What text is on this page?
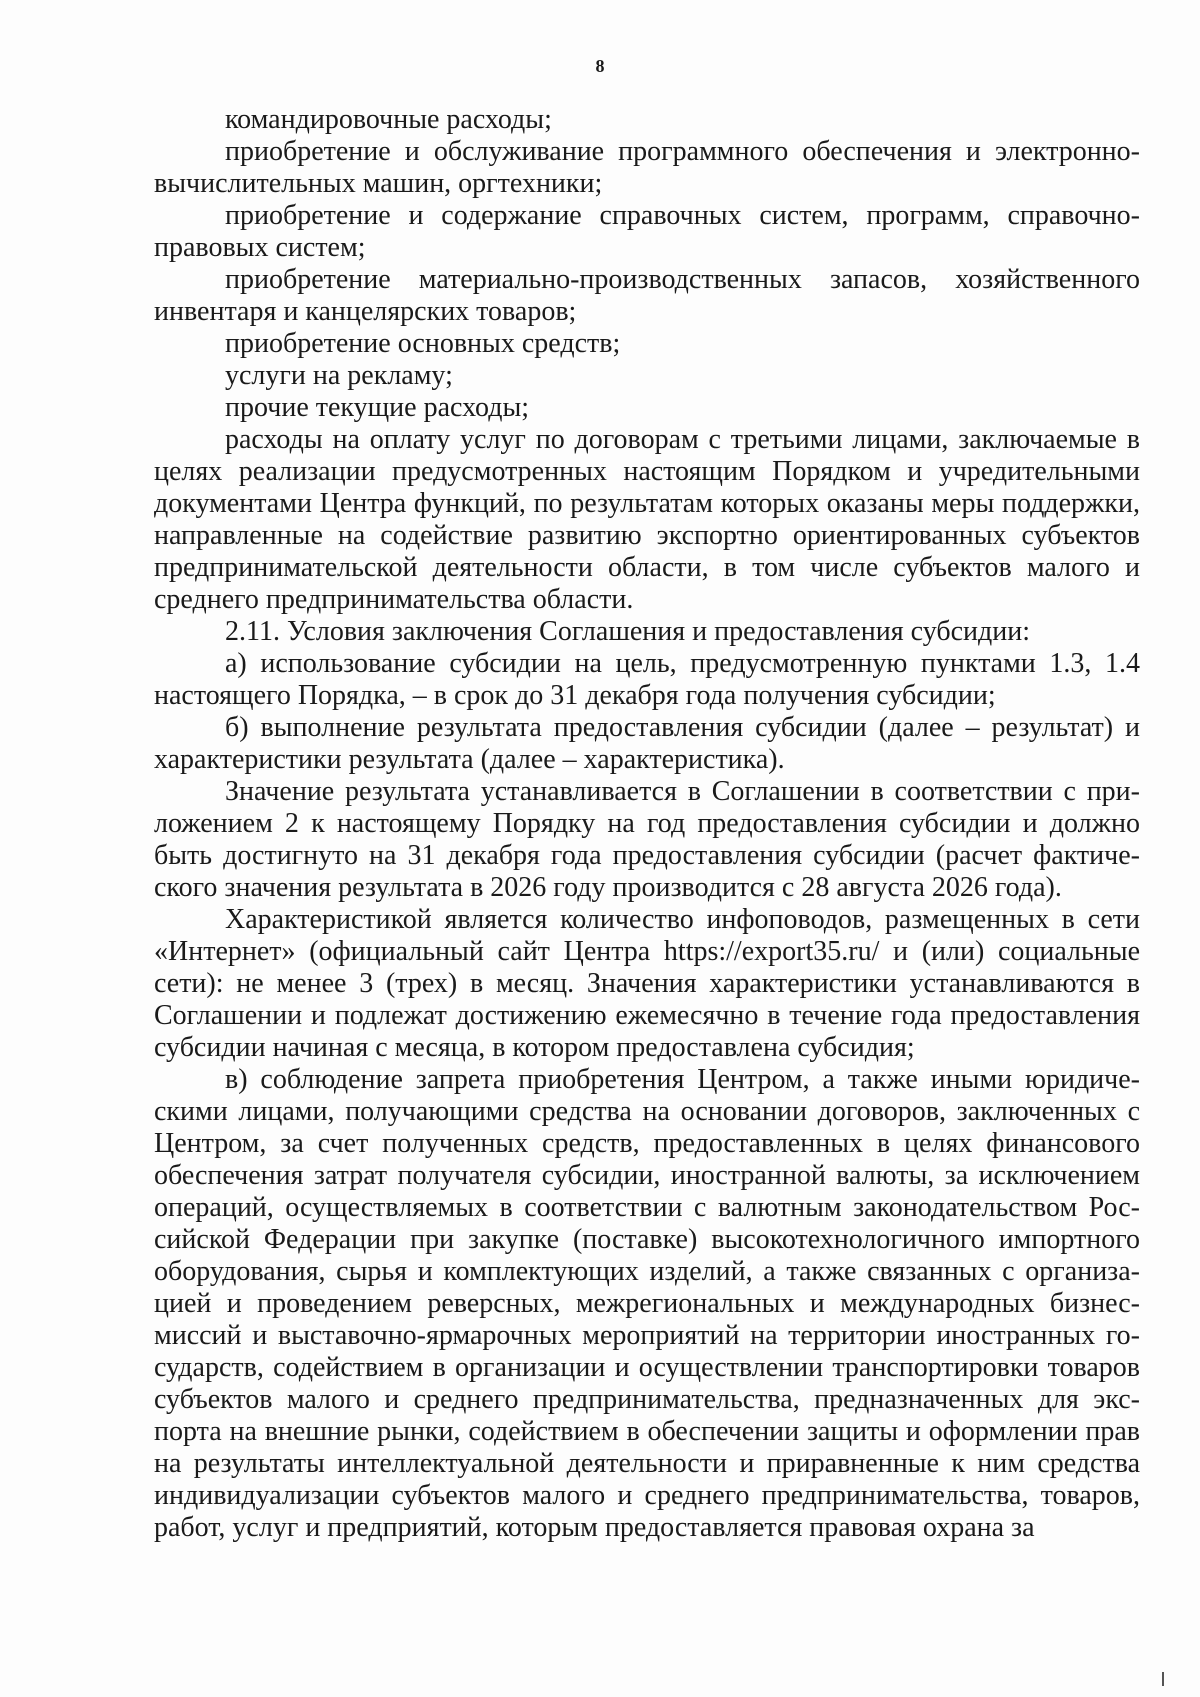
8

командировочные расходы;

приобретение и обслуживание программного обеспечения и электронно-вычислительных машин, оргтехники;

приобретение и содержание справочных систем, программ, справочно-правовых систем;

приобретение материально-производственных запасов, хозяйственного инвентаря и канцелярских товаров;

приобретение основных средств;

услуги на рекламу;

прочие текущие расходы;

расходы на оплату услуг по договорам с третьими лицами, заключаемые в целях реализации предусмотренных настоящим Порядком и учредительными документами Центра функций, по результатам которых оказаны меры поддержки, направленные на содействие развитию экспортно ориентированных субъектов предпринимательской деятельности области, в том числе субъектов малого и среднего предпринимательства области.

2.11. Условия заключения Соглашения и предоставления субсидии:

а) использование субсидии на цель, предусмотренную пунктами 1.3, 1.4 настоящего Порядка, – в срок до 31 декабря года получения субсидии;

б) выполнение результата предоставления субсидии (далее – результат) и характеристики результата (далее – характеристика).

Значение результата устанавливается в Соглашении в соответствии с приложением 2 к настоящему Порядку на год предоставления субсидии и должно быть достигнуто на 31 декабря года предоставления субсидии (расчет фактического значения результата в 2026 году производится с 28 августа 2026 года).

Характеристикой является количество инфоповодов, размещенных в сети «Интернет» (официальный сайт Центра https://export35.ru/ и (или) социальные сети): не менее 3 (трех) в месяц. Значения характеристики устанавливаются в Соглашении и подлежат достижению ежемесячно в течение года предоставления субсидии начиная с месяца, в котором предоставлена субсидия;

в) соблюдение запрета приобретения Центром, а также иными юридическими лицами, получающими средства на основании договоров, заключенных с Центром, за счет полученных средств, предоставленных в целях финансового обеспечения затрат получателя субсидии, иностранной валюты, за исключением операций, осуществляемых в соответствии с валютным законодательством Российской Федерации при закупке (поставке) высокотехнологичного импортного оборудования, сырья и комплектующих изделий, а также связанных с организацией и проведением реверсных, межрегиональных и международных бизнес-миссий и выставочно-ярмарочных мероприятий на территории иностранных государств, содействием в организации и осуществлении транспортировки товаров субъектов малого и среднего предпринимательства, предназначенных для экспорта на внешние рынки, содействием в обеспечении защиты и оформлении прав на результаты интеллектуальной деятельности и приравненные к ним средства индивидуализации субъектов малого и среднего предпринимательства, товаров, работ, услуг и предприятий, которым предоставляется правовая охрана за
